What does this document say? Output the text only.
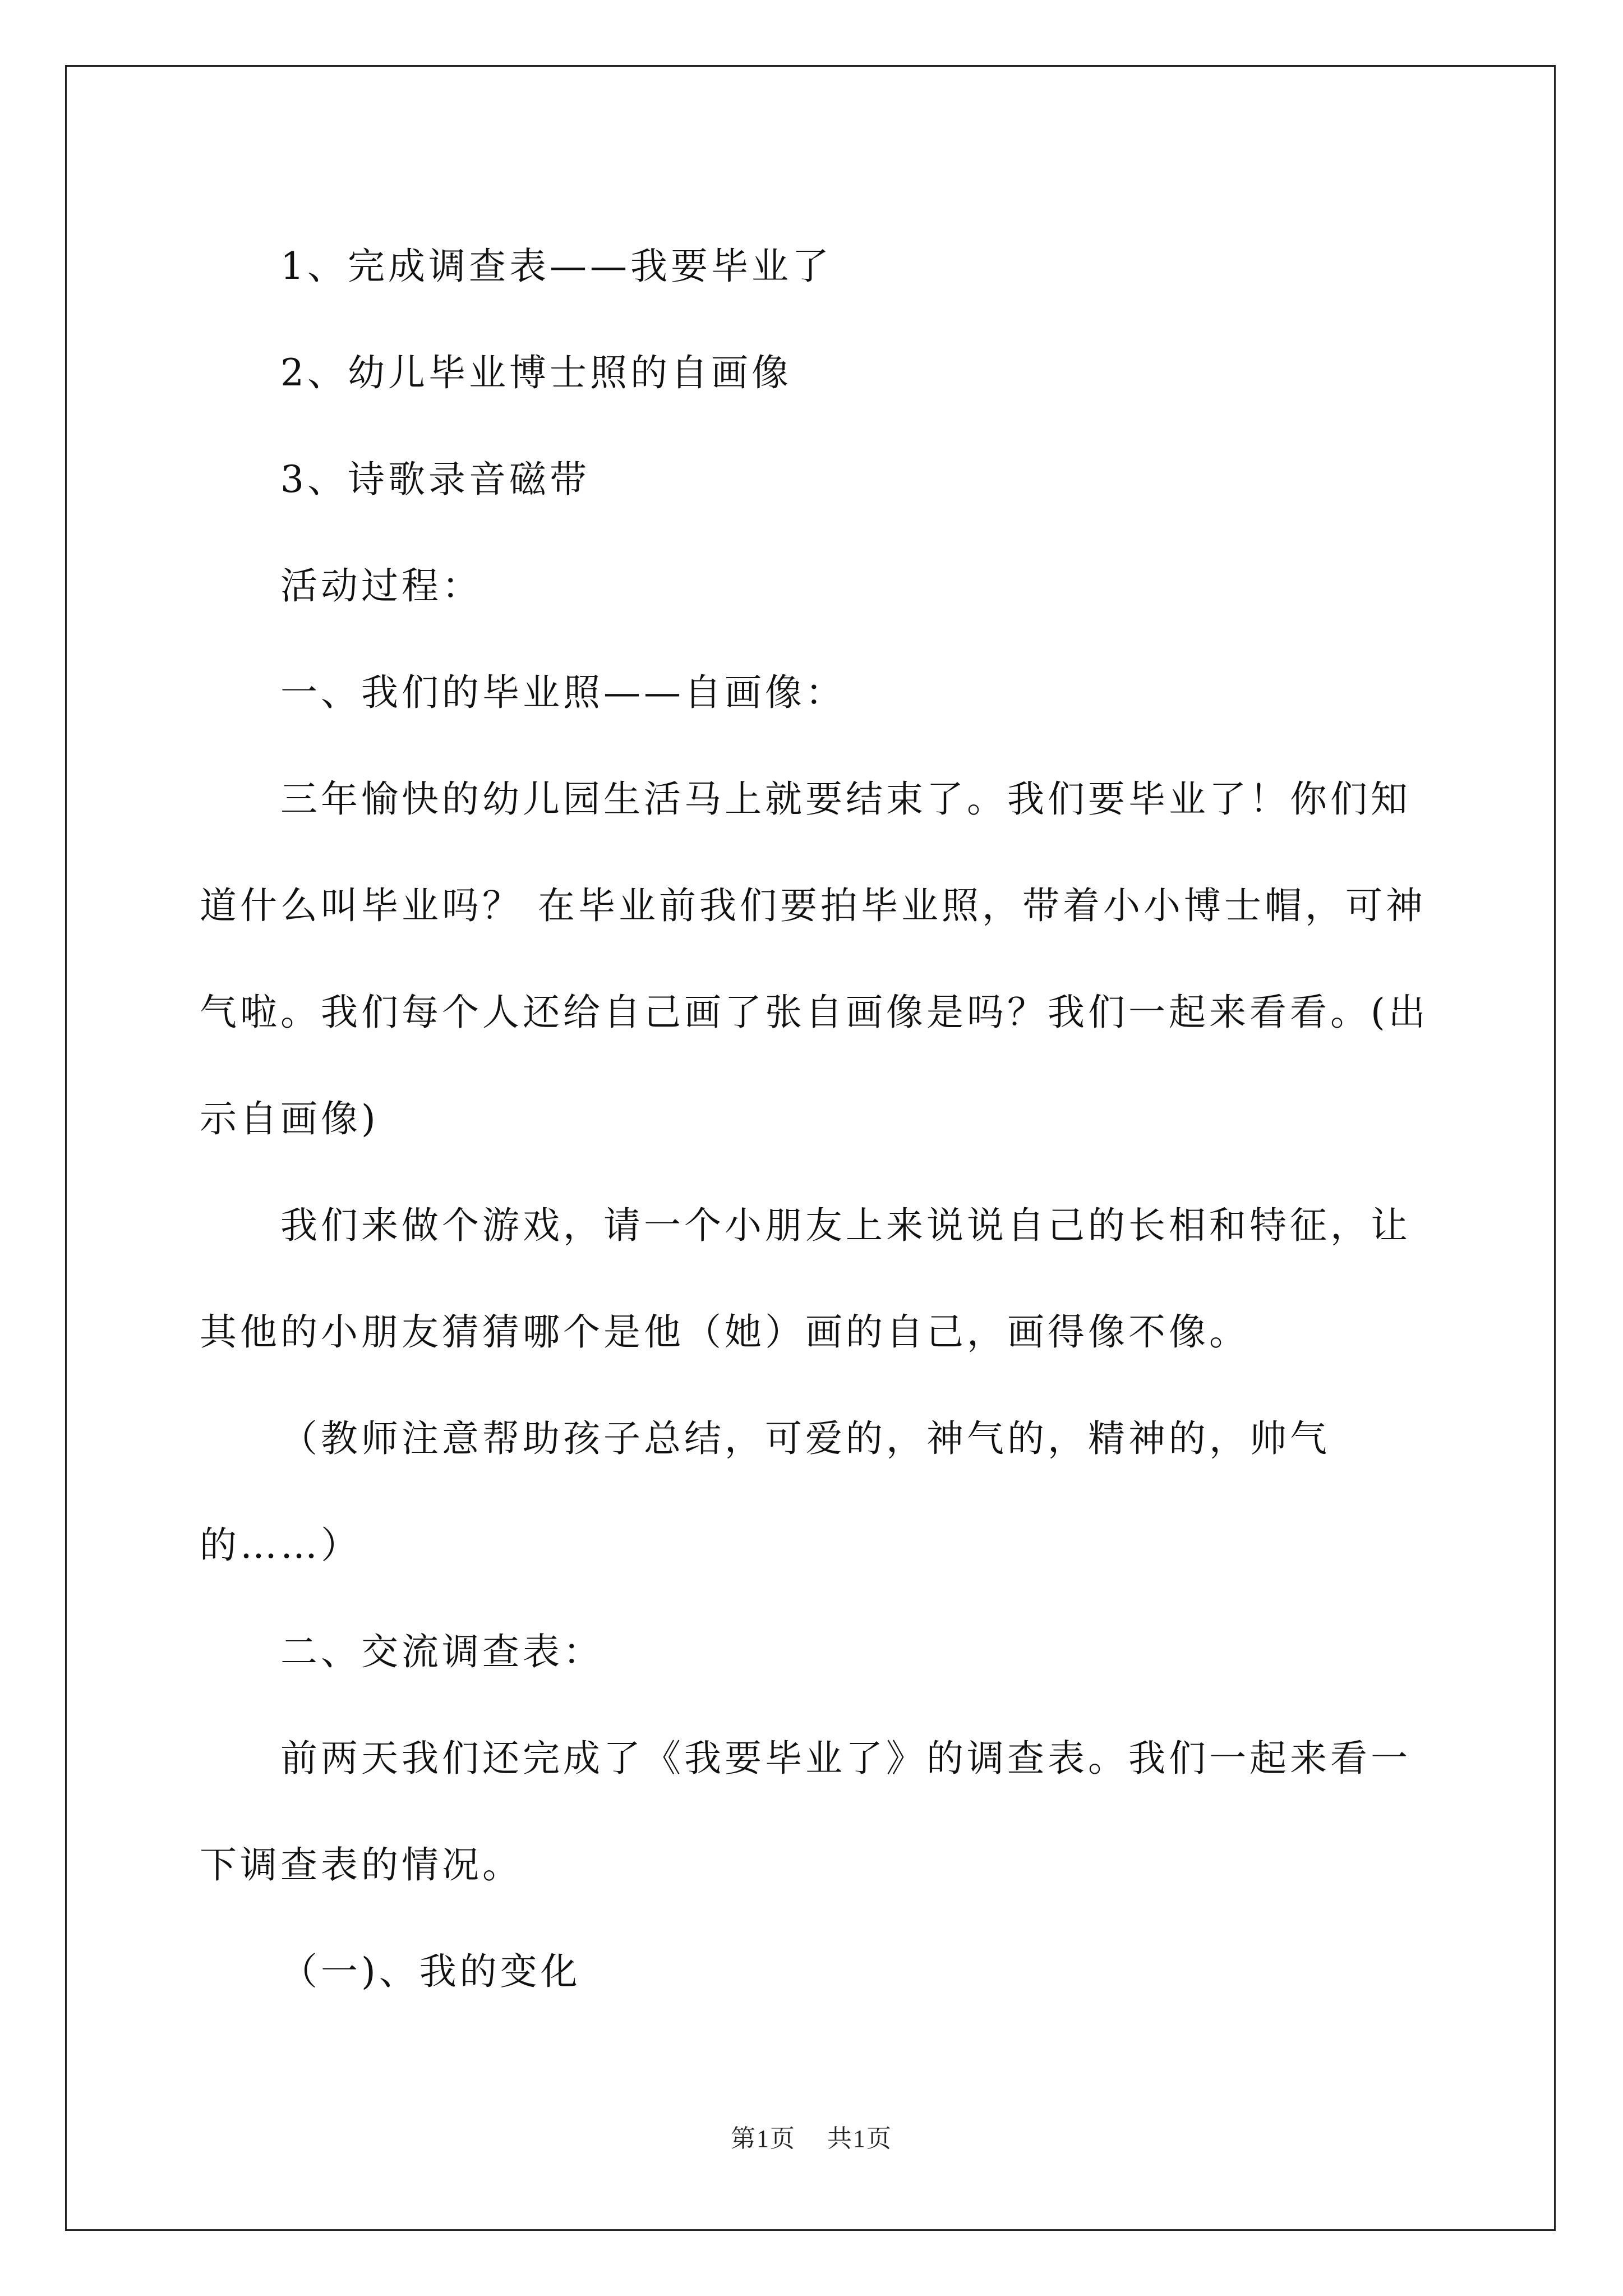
1、完成调查表——我要毕业了

2、幼儿毕业博士照的自画像

3、诗歌录音磁带

活动过程：

一、我们的毕业照——自画像：

三年愉快的幼儿园生活马上就要结束了。我们要毕业了！你们知道什么叫毕业吗？ 在毕业前我们要拍毕业照，带着小小博士帽，可神气啦。我们每个人还给自己画了张自画像是吗？我们一起来看看。(出示自画像)

我们来做个游戏，请一个小朋友上来说说自己的长相和特征，让其他的小朋友猜猜哪个是他（她）画的自己，画得像不像。

（教师注意帮助孩子总结，可爱的，神气的，精神的，帅气的……）

二、交流调查表：

前两天我们还完成了《我要毕业了》的调查表。我们一起来看一下调查表的情况。

（一)、我的变化

第1页 共1页
